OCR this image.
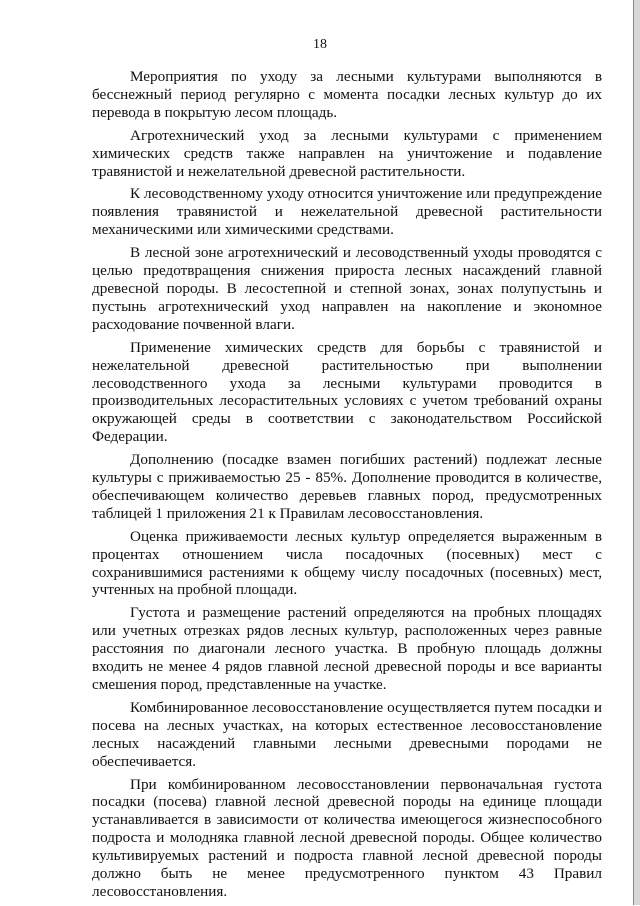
18

Мероприятия по уходу за лесными культурами выполняются в бесснежный период регулярно с момента посадки лесных культур до их перевода в покрытую лесом площадь.

Агротехнический уход за лесными культурами с применением химических средств также направлен на уничтожение и подавление травянистой и нежелательной древесной растительности.

К лесоводственному уходу относится уничтожение или предупреждение появления травянистой и нежелательной древесной растительности механическими или химическими средствами.

В лесной зоне агротехнический и лесоводственный уходы проводятся с целью предотвращения снижения прироста лесных насаждений главной древесной породы. В лесостепной и степной зонах, зонах полупустынь и пустынь агротехнический уход направлен на накопление и экономное расходование почвенной влаги.

Применение химических средств для борьбы с травянистой и нежелательной древесной растительностью при выполнении лесоводственного ухода за лесными культурами проводится в производительных лесорастительных условиях с учетом требований охраны окружающей среды в соответствии с законодательством Российской Федерации.

Дополнению (посадке взамен погибших растений) подлежат лесные культуры с приживаемостью 25 - 85%. Дополнение проводится в количестве, обеспечивающем количество деревьев главных пород, предусмотренных таблицей 1 приложения 21 к Правилам лесовосстановления.

Оценка приживаемости лесных культур определяется выраженным в процентах отношением числа посадочных (посевных) мест с сохранившимися растениями к общему числу посадочных (посевных) мест, учтенных на пробной площади.

Густота и размещение растений определяются на пробных площадях или учетных отрезках рядов лесных культур, расположенных через равные расстояния по диагонали лесного участка. В пробную площадь должны входить не менее 4 рядов главной лесной древесной породы и все варианты смешения пород, представленные на участке.

Комбинированное лесовосстановление осуществляется путем посадки и посева на лесных участках, на которых естественное лесовосстановление лесных насаждений главными лесными древесными породами не обеспечивается.

При комбинированном лесовосстановлении первоначальная густота посадки (посева) главной лесной древесной породы на единице площади устанавливается в зависимости от количества имеющегося жизнеспособного подроста и молодняка главной лесной древесной породы. Общее количество культивируемых растений и подроста главной лесной древесной породы должно быть не менее предусмотренного пунктом 43 Правил лесовосстановления.
